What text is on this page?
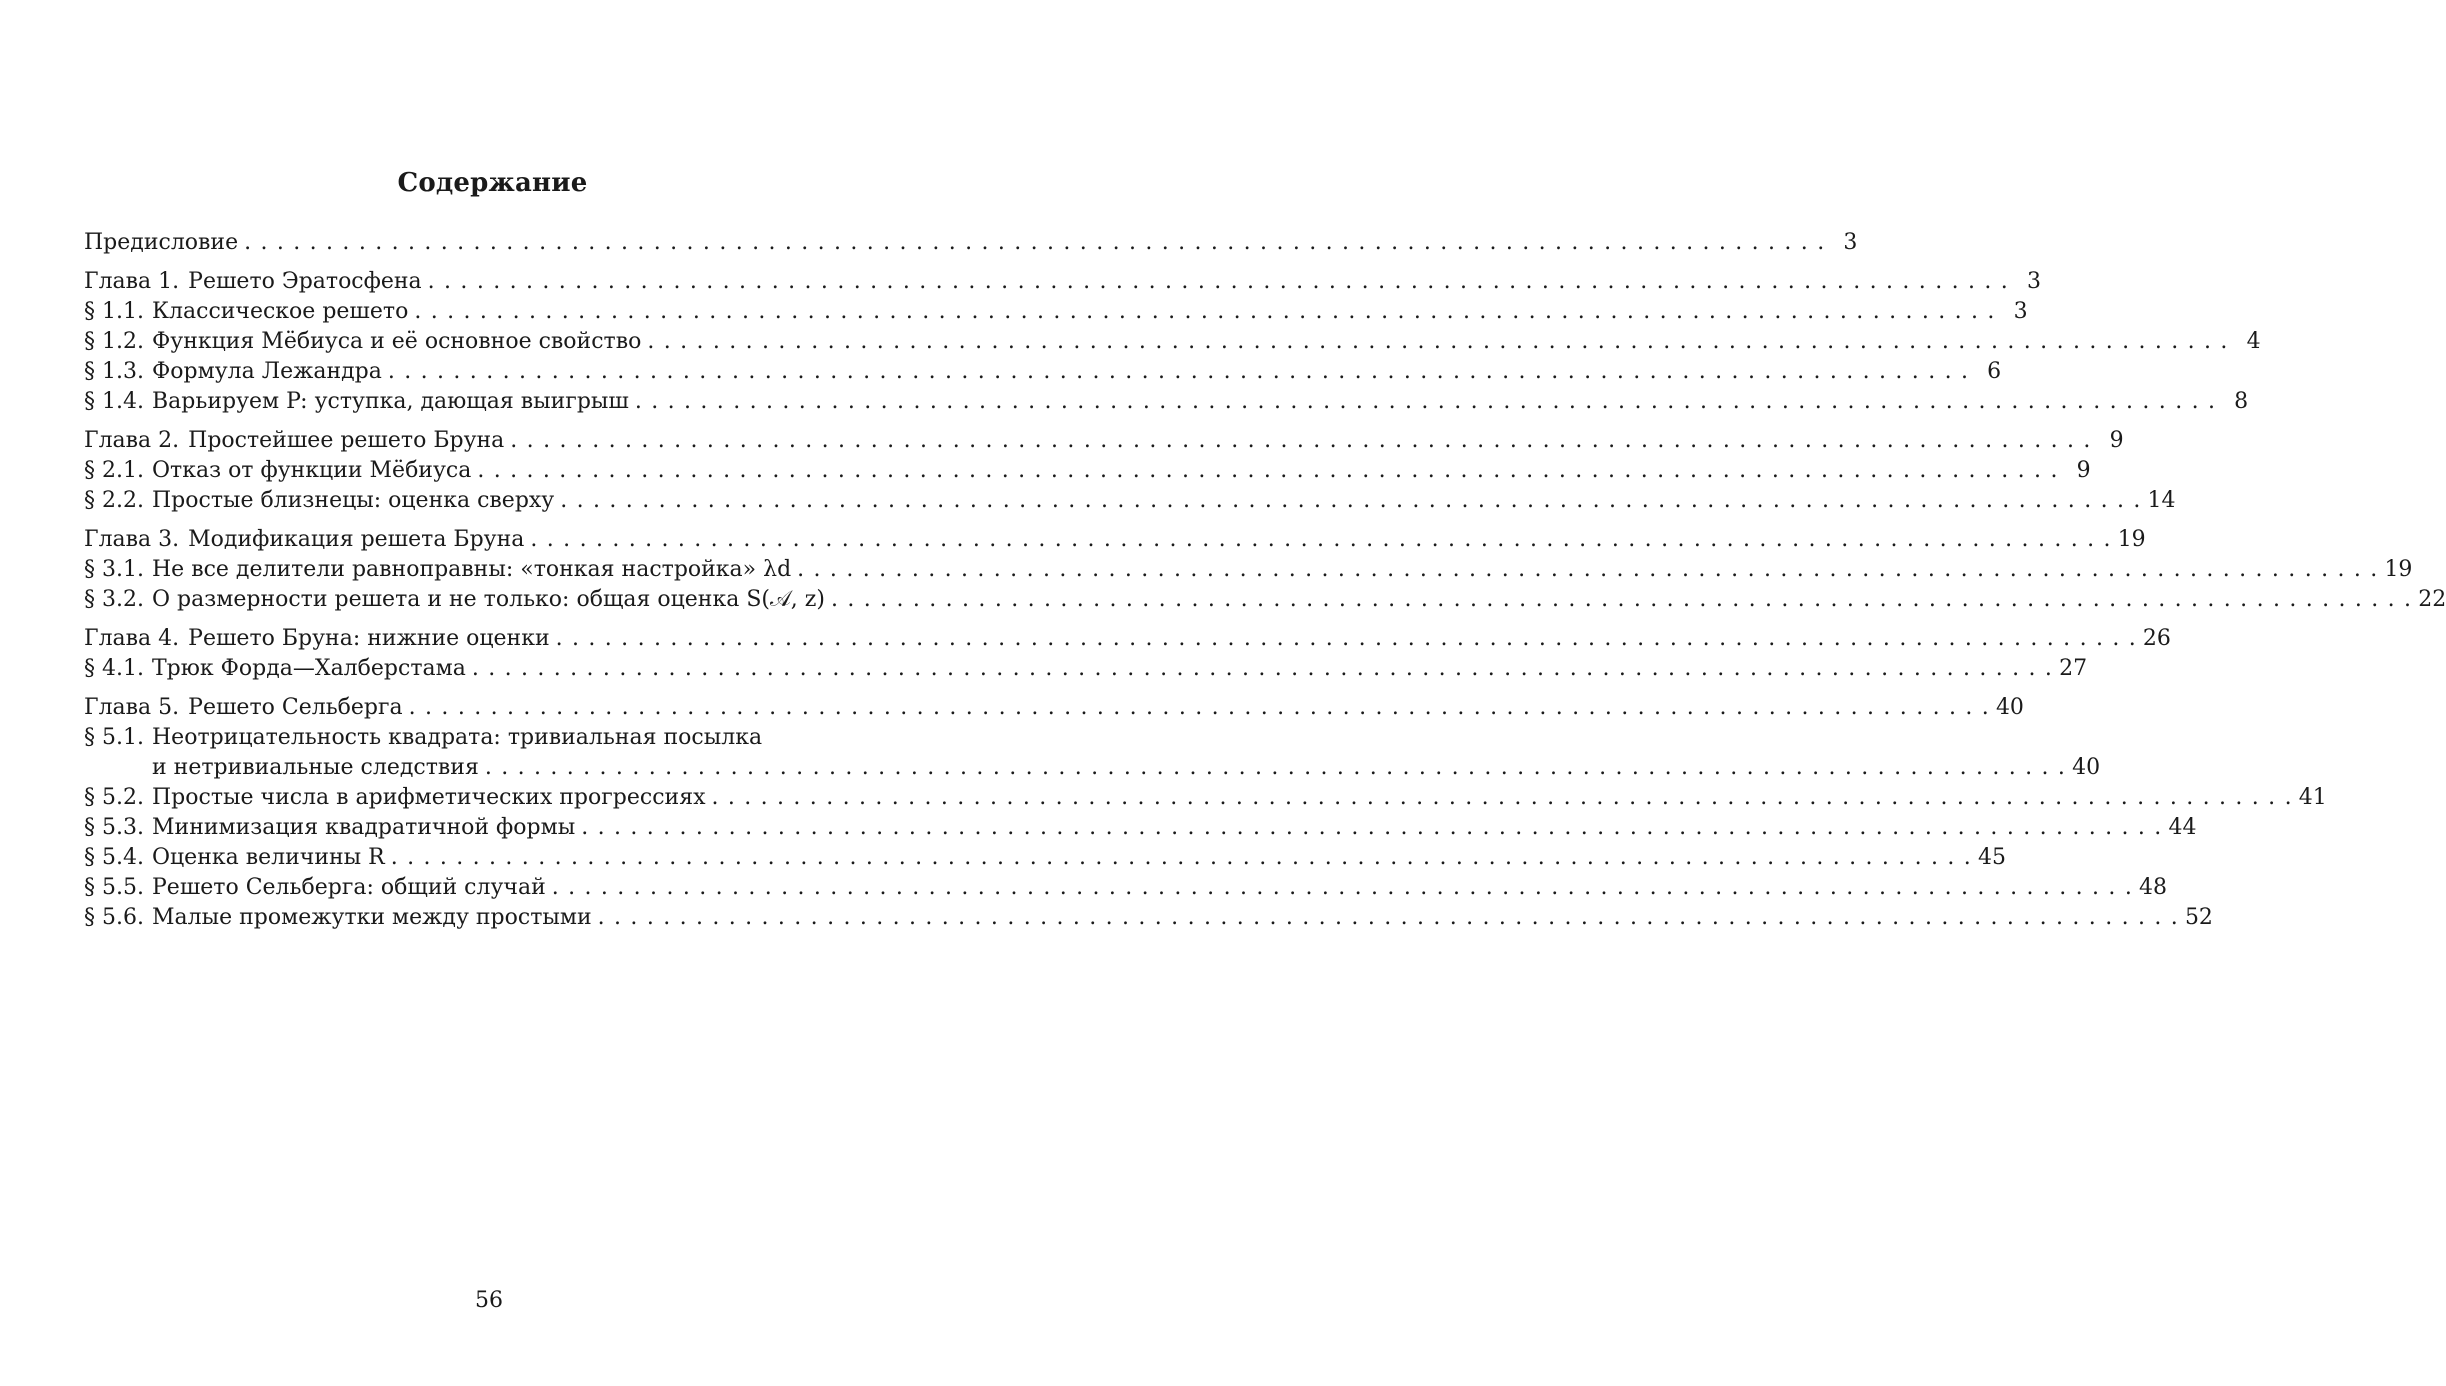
Содержание
Предисловие . . .	3
Глава 1. Решето Эратосфена . . .	3
§ 1.1. Классическое решето . . .	3
§ 1.2. Функция Мёбиуса и её основное свойство . . .	4
§ 1.3. Формула Лежандра . . .	6
§ 1.4. Варьируем P: уступка, дающая выигрыш . . .	8
Глава 2. Простейшее решето Бруна . . .	9
§ 2.1. Отказ от функции Мёбиуса . . .	9
§ 2.2. Простые близнецы: оценка сверху . . .	14
Глава 3. Модификация решета Бруна . . .	19
§ 3.1. Не все делители равноправны: «тонкая настройка» λd . . .	19
§ 3.2. О размерности решета и не только: общая оценка S(𝒜, z) . . .	22
Глава 4. Решето Бруна: нижние оценки . . .	26
§ 4.1. Трюк Форда—Халберстама . . .	27
Глава 5. Решето Сельберга . . .	40
§ 5.1. Неотрицательность квадрата: тривиальная посылка
и нетривиальные следствия . . .	40
§ 5.2. Простые числа в арифметических прогрессиях . . .	41
§ 5.3. Минимизация квадратичной формы . . .	44
§ 5.4. Оценка величины R . . .	45
§ 5.5. Решето Сельберга: общий случай . . .	48
§ 5.6. Малые промежутки между простыми . . .	52
56
